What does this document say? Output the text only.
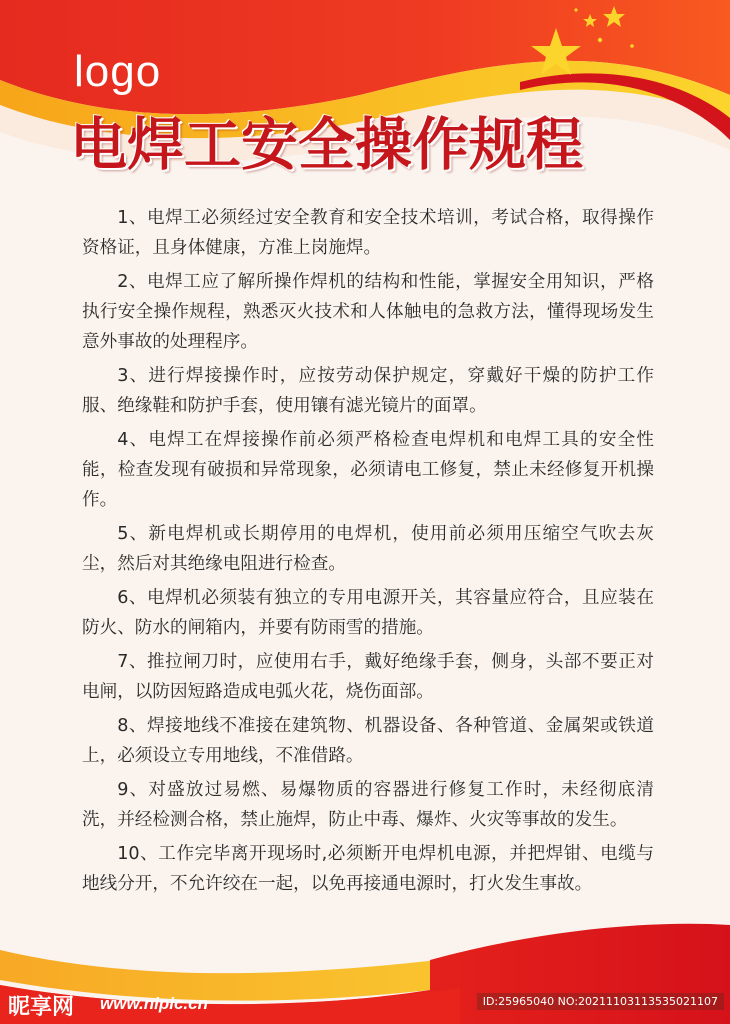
logo
电焊工安全操作规程

1、电焊工必须经过安全教育和安全技术培训，考试合格，取得操作资格证，且身体健康，方准上岗施焊。

2、电焊工应了解所操作焊机的结构和性能，掌握安全用知识，严格执行安全操作规程，熟悉灭火技术和人体触电的急救方法，懂得现场发生意外事故的处理程序。

3、进行焊接操作时，应按劳动保护规定，穿戴好干燥的防护工作服、绝缘鞋和防护手套，使用镶有滤光镜片的面罩。

4、电焊工在焊接操作前必须严格检查电焊机和电焊工具的安全性能，检查发现有破损和异常现象，必须请电工修复，禁止未经修复开机操作。

5、新电焊机或长期停用的电焊机，使用前必须用压缩空气吹去灰尘，然后对其绝缘电阻进行检查。

6、电焊机必须装有独立的专用电源开关，其容量应符合，且应装在防火、防水的闸箱内，并要有防雨雪的措施。

7、推拉闸刀时，应使用右手，戴好绝缘手套，侧身，头部不要正对电闸，以防因短路造成电弧火花，烧伤面部。

8、焊接地线不准接在建筑物、机器设备、各种管道、金属架或铁道上，必须设立专用地线，不准借路。

9、对盛放过易燃、易爆物质的容器进行修复工作时，未经彻底清洗，并经检测合格，禁止施焊，防止中毒、爆炸、火灾等事故的发生。

10、工作完毕离开现场时,必须断开电焊机电源，并把焊钳、电缆与地线分开，不允许绞在一起，以免再接通电源时，打火发生事故。

昵享网 www.nipic.cn	ID:25965040 NO:20211103113535021107
